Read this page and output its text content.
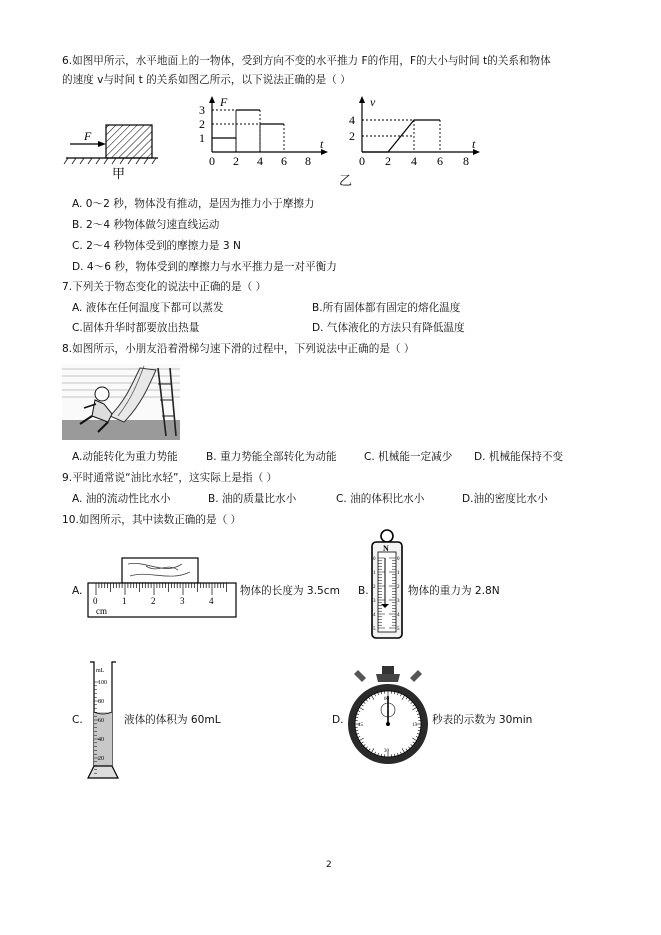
6.如图甲所示，水平地面上的一物体，受到方向不变的水平推力 F的作用，F的大小与时间 t的关系和物体
的速度 v与时间 t 的关系如图乙所示，以下说法正确的是（ ）
F
甲
F
t
0 2 4 6 8
1
2
3
v
t
0 2 4 6 8
2
4
乙
A. 0～2 秒，物体没有推动，是因为推力小于摩擦力
B. 2～4 秒物体做匀速直线运动
C. 2～4 秒物体受到的摩擦力是 3 N
D. 4～6 秒，物体受到的摩擦力与水平推力是一对平衡力
7.下列关于物态变化的说法中正确的是（ ）
A. 液体在任何温度下都可以蒸发	B.所有固体都有固定的熔化温度
C.固体升华时都要放出热量	D. 气体液化的方法只有降低温度
8.如图所示，小朋友沿着滑梯匀速下滑的过程中，下列说法中正确的是（ ）
A.动能转化为重力势能	B. 重力势能全部转化为动能	C. 机械能一定减少 D. 机械能保持不变
9.平时通常说“油比水轻”，这实际上是指（ ）
A. 油的流动性比水小	B. 油的质量比水小	C. 油的体积比水小	D.油的密度比水小
10.如图所示，其中读数正确的是（ ）
A.
0	1	2	3	4
cm
物体的长度为 3.5cm B.
N
0	0
1	1
2	2
3	3
4	4
5	5
物体的重力为 2.8N
C.
mL
100
80
60
40
20
液体的体积为 60mL	D.
60
30
15
45	秒表的示数为 30min
2
